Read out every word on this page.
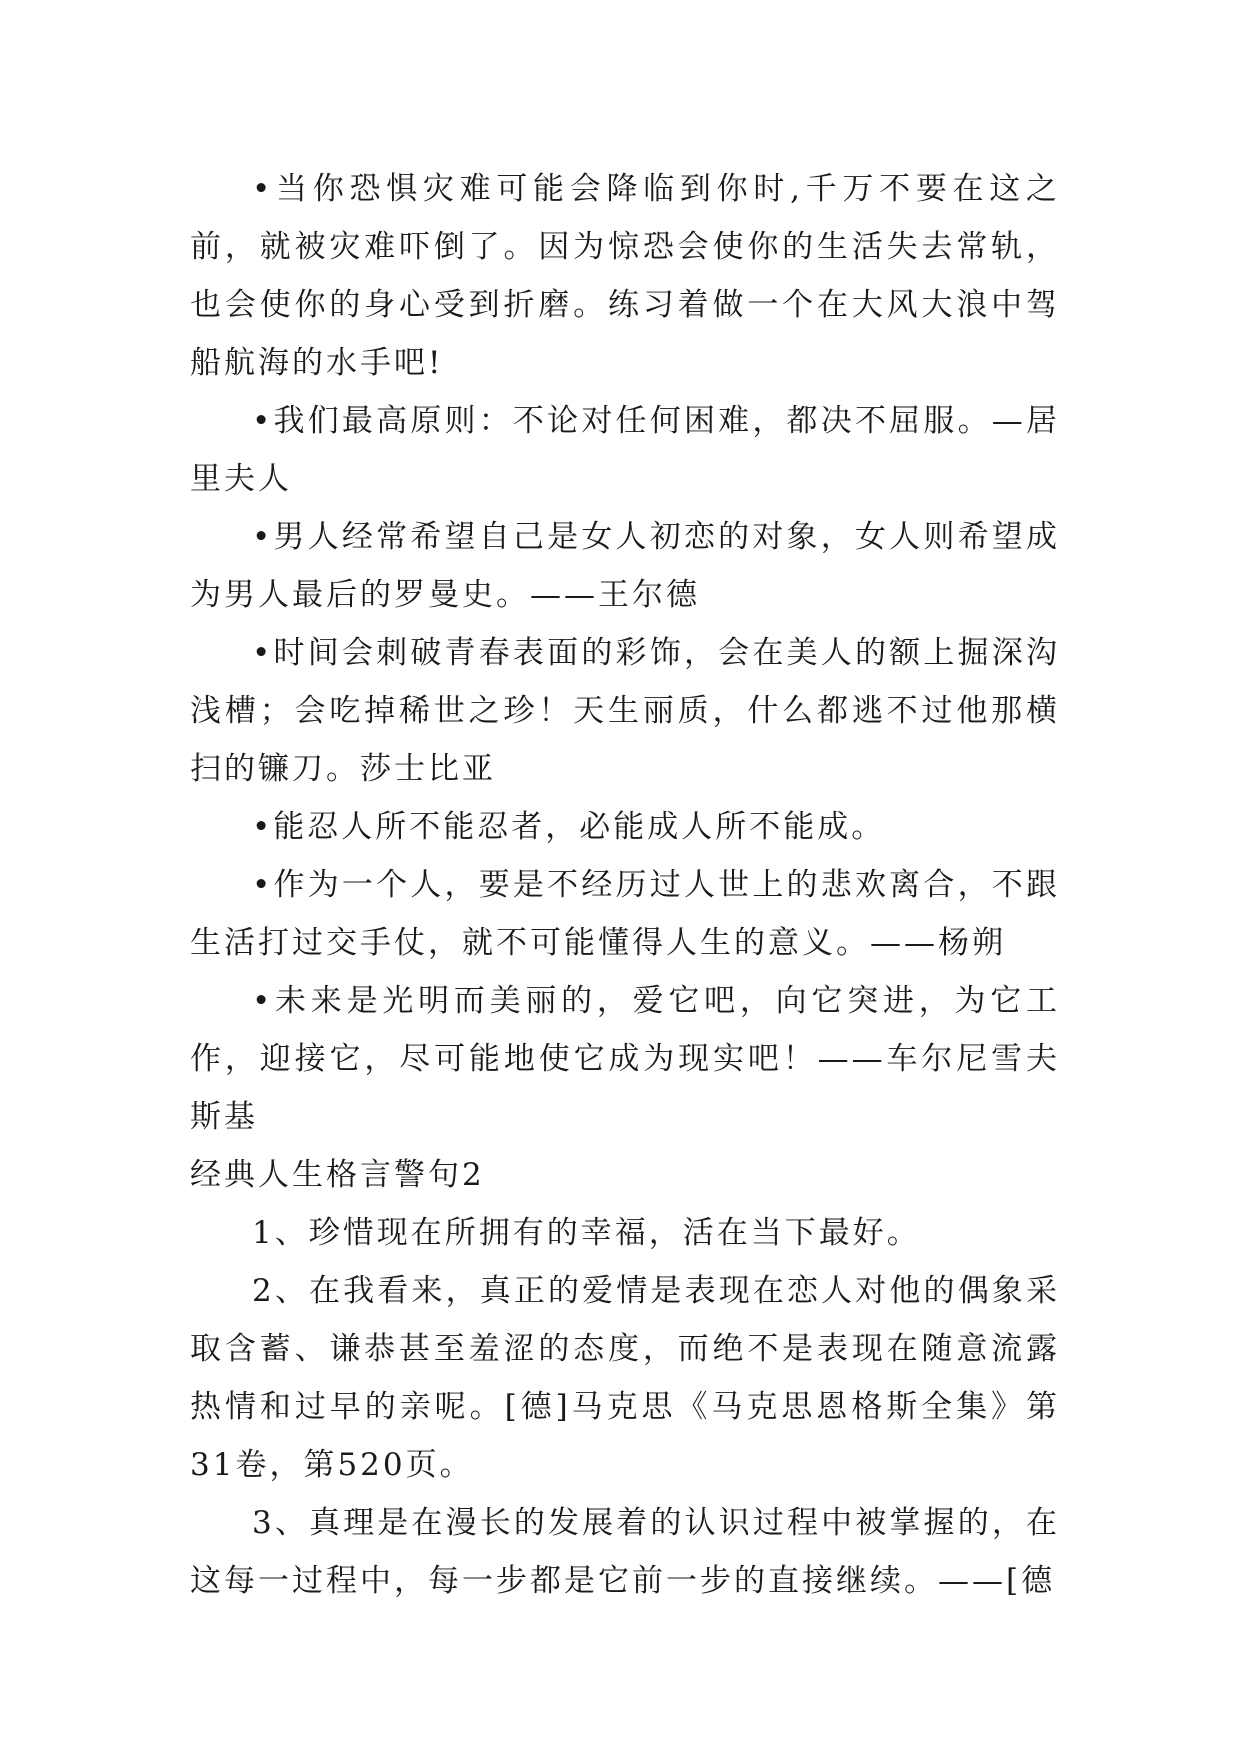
•当你恐惧灾难可能会降临到你时,千万不要在这之前，就被灾难吓倒了。因为惊恐会使你的生活失去常轨，也会使你的身心受到折磨。练习着做一个在大风大浪中驾船航海的水手吧!

•我们最高原则：不论对任何困难，都决不屈服。—居里夫人

•男人经常希望自己是女人初恋的对象，女人则希望成为男人最后的罗曼史。——王尔德

•时间会刺破青春表面的彩饰，会在美人的额上掘深沟浅槽；会吃掉稀世之珍！天生丽质，什么都逃不过他那横扫的镰刀。莎士比亚

•能忍人所不能忍者，必能成人所不能成。

•作为一个人，要是不经历过人世上的悲欢离合，不跟生活打过交手仗，就不可能懂得人生的意义。——杨朔

•未来是光明而美丽的，爱它吧，向它突进，为它工作，迎接它，尽可能地使它成为现实吧！——车尔尼雪夫斯基

经典人生格言警句2

1、珍惜现在所拥有的幸福，活在当下最好。

2、在我看来，真正的爱情是表现在恋人对他的偶象采取含蓄、谦恭甚至羞涩的态度，而绝不是表现在随意流露热情和过早的亲呢。[德]马克思《马克思恩格斯全集》第31卷，第520页。

3、真理是在漫长的发展着的认识过程中被掌握的，在这每一过程中，每一步都是它前一步的直接继续。——[德
